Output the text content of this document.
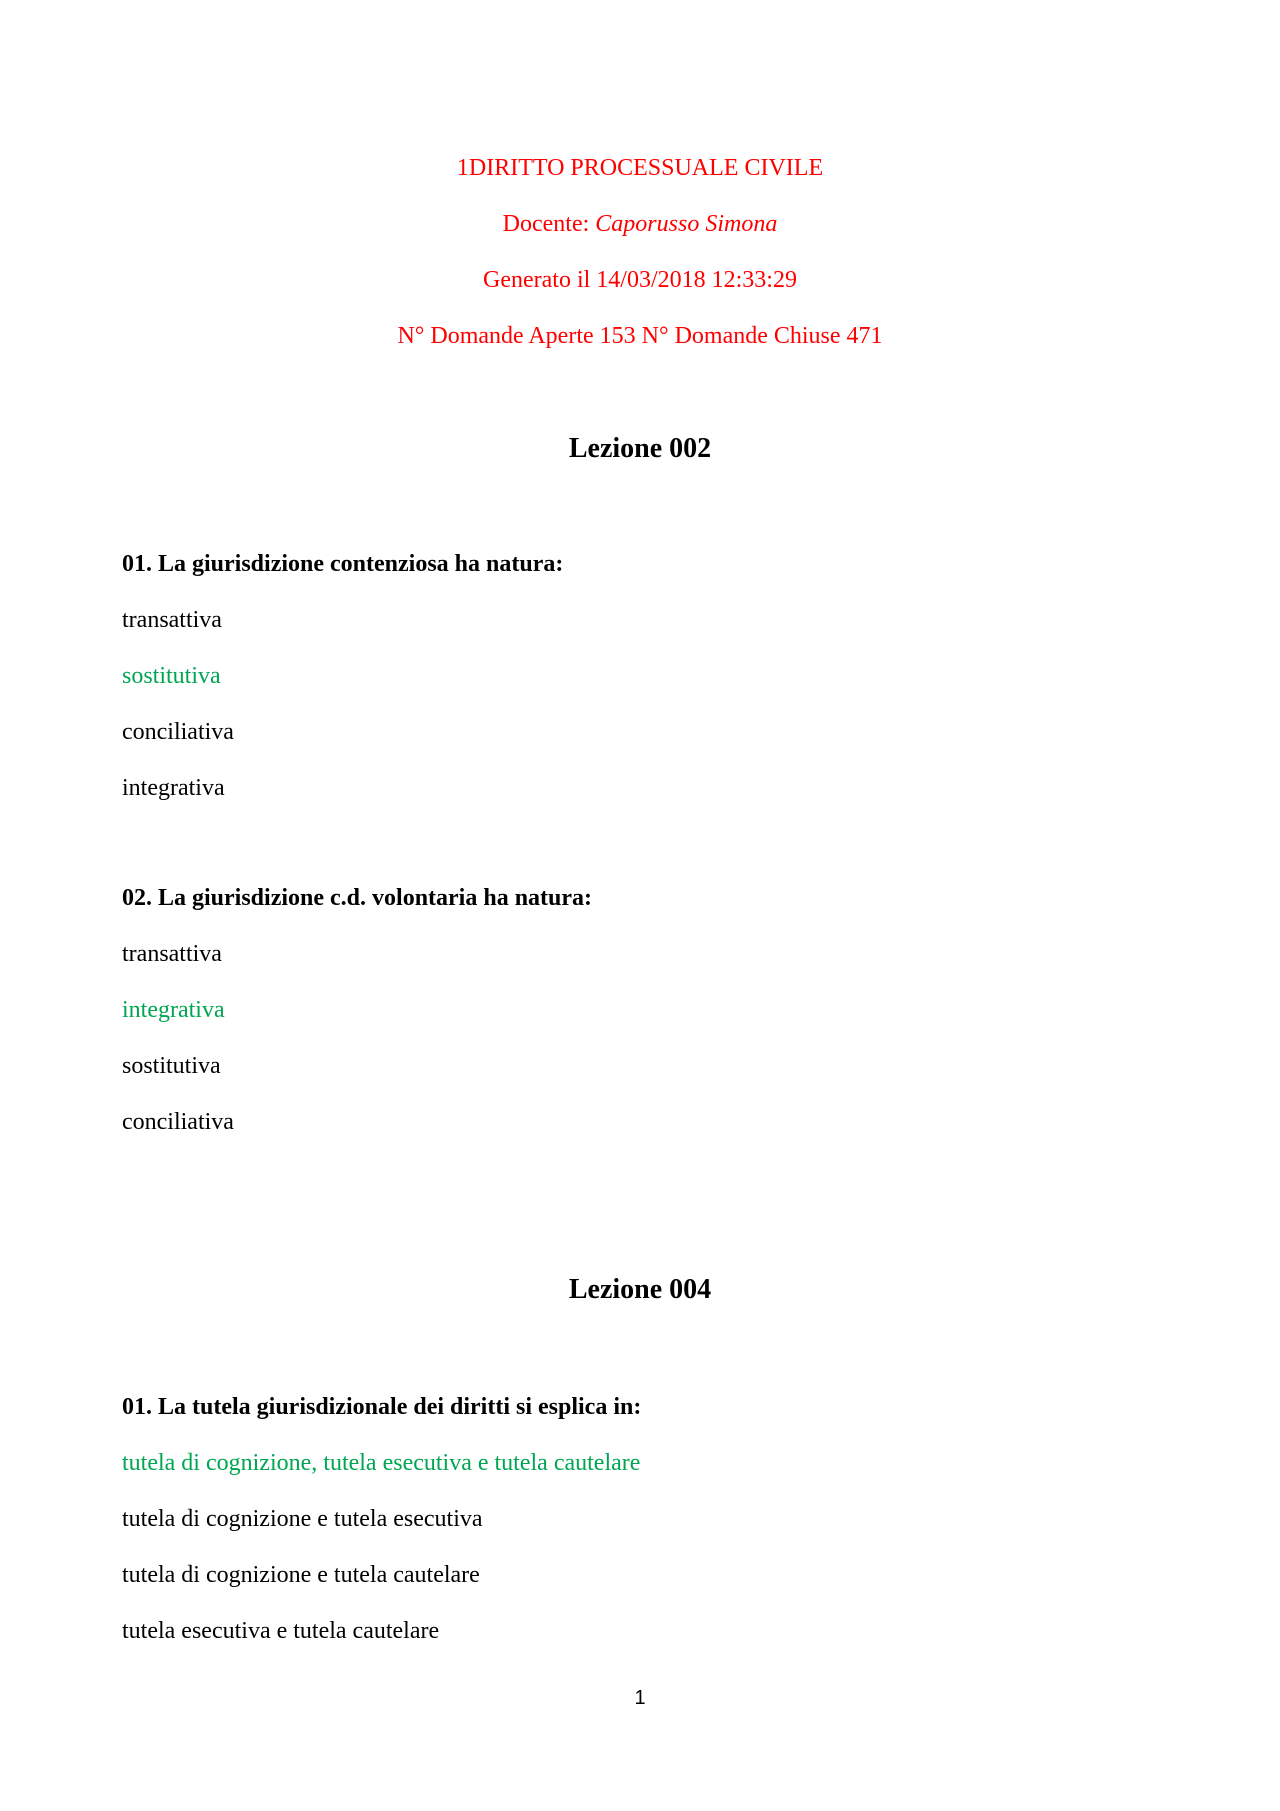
1DIRITTO PROCESSUALE CIVILE
Docente: Caporusso Simona
Generato il 14/03/2018 12:33:29
N° Domande Aperte 153 N° Domande Chiuse 471
Lezione 002
01. La giurisdizione contenziosa ha natura:
transattiva
sostitutiva
conciliativa
integrativa
02. La giurisdizione c.d. volontaria ha natura:
transattiva
integrativa
sostitutiva
conciliativa
Lezione 004
01. La tutela giurisdizionale dei diritti si esplica in:
tutela di cognizione, tutela esecutiva e tutela cautelare
tutela di cognizione e tutela esecutiva
tutela di cognizione e tutela cautelare
tutela esecutiva e tutela cautelare
1
